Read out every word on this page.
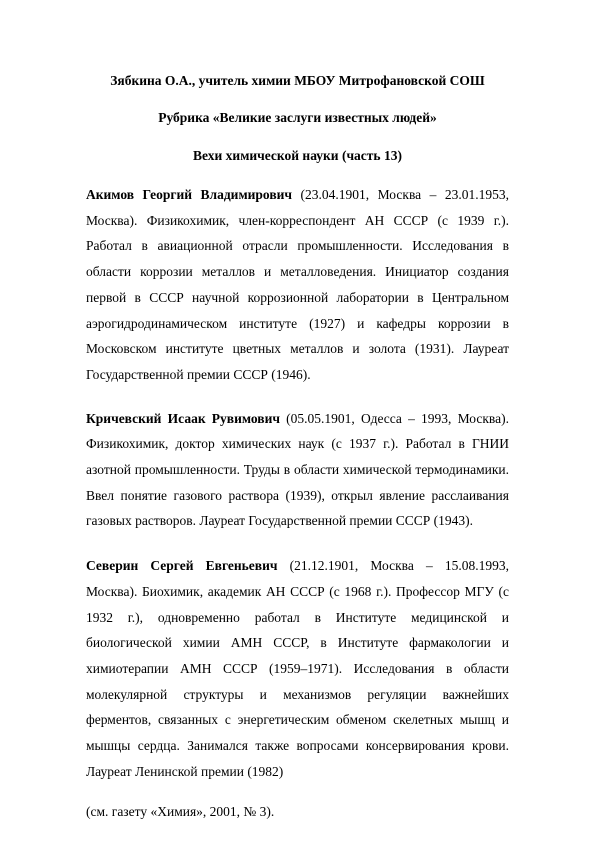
Зябкина О.А., учитель химии МБОУ Митрофановской СОШ

Рубрика «Великие заслуги известных людей»

Вехи химической науки (часть 13)

Акимов Георгий Владимирович (23.04.1901, Москва – 23.01.1953, Москва). Физикохимик, член-корреспондент АН СССР (с 1939 г.). Работал в авиационной отрасли промышленности. Исследования в области коррозии металлов и металловедения. Инициатор создания первой в СССР научной коррозионной лаборатории в Центральном аэрогидродинамическом институте (1927) и кафедры коррозии в Московском институте цветных металлов и золота (1931). Лауреат Государственной премии СССР (1946).

Кричевский Исаак Рувимович (05.05.1901, Одесса – 1993, Москва). Физикохимик, доктор химических наук (с 1937 г.). Работал в ГНИИ азотной промышленности. Труды в области химической термодинамики. Ввел понятие газового раствора (1939), открыл явление расслаивания газовых растворов. Лауреат Государственной премии СССР (1943).

Северин Сергей Евгеньевич (21.12.1901, Москва – 15.08.1993, Москва). Биохимик, академик АН СССР (с 1968 г.). Профессор МГУ (с 1932 г.), одновременно работал в Институте медицинской и биологической химии АМН СССР, в Институте фармакологии и химиотерапии АМН СССР (1959–1971). Исследования в области молекулярной структуры и механизмов регуляции важнейших ферментов, связанных с энергетическим обменом скелетных мышц и мышцы сердца. Занимался также вопросами консервирования крови. Лауреат Ленинской премии (1982)

(см. газету «Химия», 2001, № 3).
